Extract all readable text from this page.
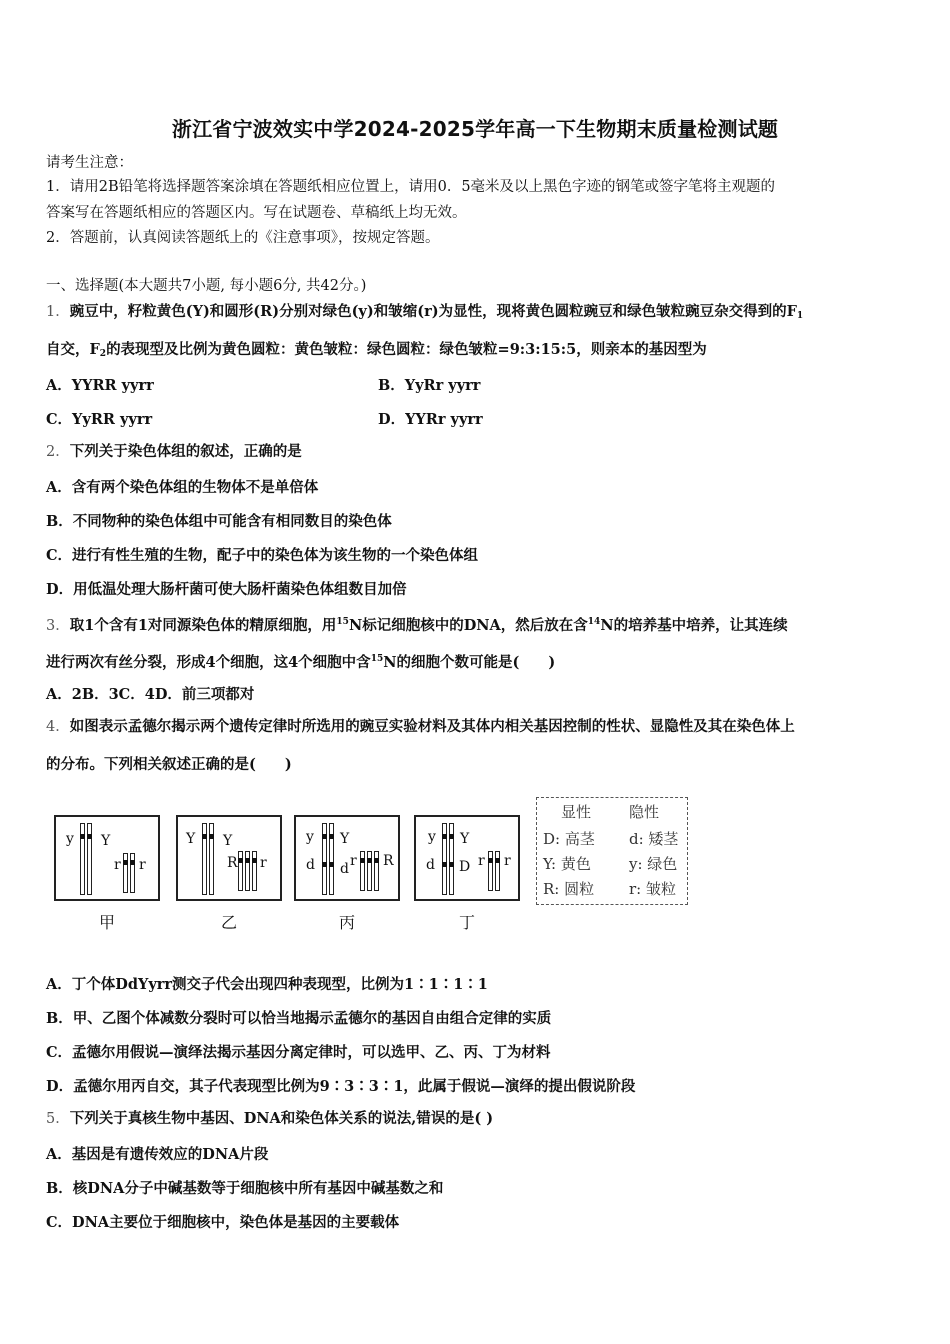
浙江省宁波效实中学2024-2025学年高一下生物期末质量检测试题
请考生注意：
1．请用2B铅笔将选择题答案涂填在答题纸相应位置上，请用0．5毫米及以上黑色字迹的钢笔或签字笔将主观题的
答案写在答题纸相应的答题区内。写在试题卷、草稿纸上均无效。
2．答题前，认真阅读答题纸上的《注意事项》，按规定答题。
一、选择题(本大题共7小题, 每小题6分, 共42分。)
1．豌豆中，籽粒黄色(Y)和圆形(R)分别对绿色(y)和皱缩(r)为显性，现将黄色圆粒豌豆和绿色皱粒豌豆杂交得到的$F_1$
自交，$F_2$的表现型及比例为黄色圆粒：黄色皱粒：绿色圆粒：绿色皱粒=9:3:15:5，则亲本的基因型为
A．YYRR yyrr	B．YyRr yyrr
C．YyRR yyrr	D．YYRr yyrr
2．下列关于染色体组的叙述，正确的是
A．含有两个染色体组的生物体不是单倍体
B．不同物种的染色体组中可能含有相同数目的染色体
C．进行有性生殖的生物，配子中的染色体为该生物的一个染色体组
D．用低温处理大肠杆菌可使大肠杆菌染色体组数目加倍
3．取1个含有1对同源染色体的精原细胞，用$^{15}$N标记细胞核中的DNA，然后放在含$^{14}$N的培养基中培养，让其连续
进行两次有丝分裂，形成4个细胞，这4个细胞中含$^{15}$N的细胞个数可能是(　　)
A．2B．3C．4D．前三项都对
4．如图表示孟德尔揭示两个遗传定律时所选用的豌豆实验材料及其体内相关基因控制的性状、显隐性及其在染色体上
的分布。下列相关叙述正确的是(　　)
y Y
r r
甲
Y Y
R r
乙
y
d
Y
d r R
丙
y
d
Y
D r r
丁
显性	隐性
D: 高茎 d: 矮茎
Y: 黄色	y: 绿色
R: 圆粒 r: 皱粒
A．丁个体DdYyrr测交子代会出现四种表现型，比例为1∶1∶1∶1
B．甲、乙图个体减数分裂时可以恰当地揭示孟德尔的基因自由组合定律的实质
C．孟德尔用假说—演绎法揭示基因分离定律时，可以选甲、乙、丙、丁为材料
D．孟德尔用丙自交，其子代表现型比例为9∶3∶3∶1，此属于假说—演绎的提出假说阶段
5．下列关于真核生物中基因、DNA和染色体关系的说法,错误的是( )
A．基因是有遗传效应的DNA片段
B．核DNA分子中碱基数等于细胞核中所有基因中碱基数之和
C．DNA主要位于细胞核中，染色体是基因的主要载体
